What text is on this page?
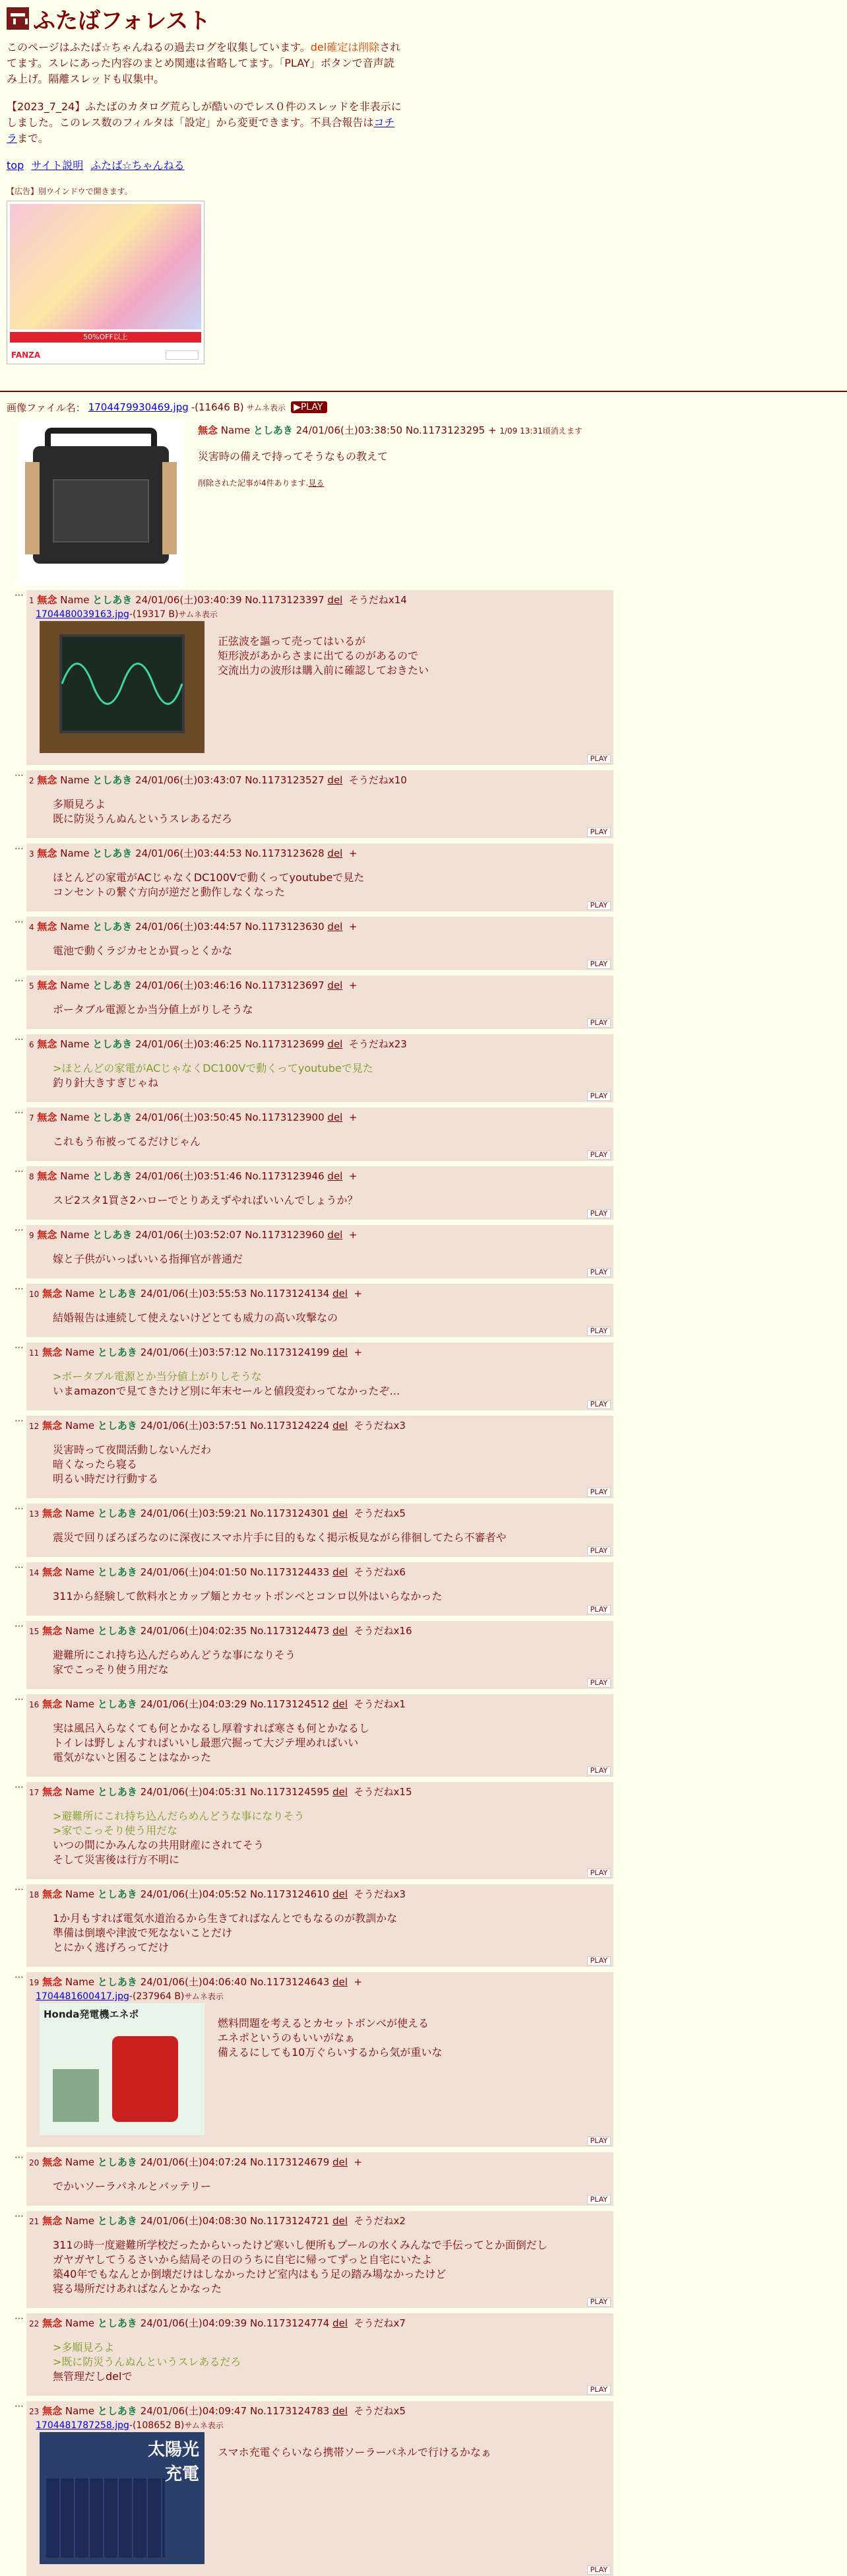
ふたばフォレスト
このページはふたば☆ちゃんねるの過去ログを収集しています。del確定は削除されてます。スレにあった内容のまとめ関連は省略してます。「PLAY」ボタンで音声読み上げ。隔離スレッドも収集中。
【2023_7_24】ふたばのカタログ荒らしが酷いのでレス０件のスレッドを非表示にしました。このレス数のフィルタは「設定」から変更できます。不具合報告はコチラまで。
top サイト説明 ふたば☆ちゃんねる
【広告】別ウインドウで開きます。
50%OFF以上
FANZA
画像ファイル名： 1704479930469.jpg -(11646 B) サムネ表示 ▶PLAY
無念 Name としあき 24/01/06(土)03:38:50 No.1173123295 + 1/09 13:31頃消えます
災害時の備えで持ってそうなもの教えて
削除された記事が4件あります.見る
⋯ 1 無念 Name としあき 24/01/06(土)03:40:39 No.1173123397 del そうだねx14
1704480039163.jpg-(19317 B)サムネ表示
正弦波を謳って売ってはいるが
矩形波があからさまに出てるのがあるので
交流出力の波形は購入前に確認しておきたい
PLAY
⋯ 2 無念 Name としあき 24/01/06(土)03:43:07 No.1173123527 del そうだねx10
多順見ろよ
既に防災うんぬんというスレあるだろ
PLAY
⋯ 3 無念 Name としあき 24/01/06(土)03:44:53 No.1173123628 del +
ほとんどの家電がACじゃなくDC100Vで動くってyoutubeで見た
コンセントの繋ぐ方向が逆だと動作しなくなった
PLAY
⋯ 4 無念 Name としあき 24/01/06(土)03:44:57 No.1173123630 del +
電池で動くラジカセとか買っとくかな
PLAY
⋯ 5 無念 Name としあき 24/01/06(土)03:46:16 No.1173123697 del +
ポータブル電源とか当分値上がりしそうな
PLAY
⋯ 6 無念 Name としあき 24/01/06(土)03:46:25 No.1173123699 del そうだねx23
>ほとんどの家電がACじゃなくDC100Vで動くってyoutubeで見た
釣り針大きすぎじゃね
PLAY
⋯ 7 無念 Name としあき 24/01/06(土)03:50:45 No.1173123900 del +
これもう布被ってるだけじゃん
PLAY
⋯ 8 無念 Name としあき 24/01/06(土)03:51:46 No.1173123946 del +
スピ2スタ1買さ2ハローでとりあえずやればいいんでしょうか？
PLAY
⋯ 9 無念 Name としあき 24/01/06(土)03:52:07 No.1173123960 del +
嫁と子供がいっぱいいる指揮官が普通だ
PLAY
⋯ 10 無念 Name としあき 24/01/06(土)03:55:53 No.1173124134 del +
結婚報告は連続して使えないけどとても威力の高い攻撃なの
PLAY
⋯ 11 無念 Name としあき 24/01/06(土)03:57:12 No.1173124199 del +
>ポータブル電源とか当分値上がりしそうな
いまamazonで見てきたけど別に年末セールと値段変わってなかったぞ…
PLAY
⋯ 12 無念 Name としあき 24/01/06(土)03:57:51 No.1173124224 del そうだねx3
災害時って夜間活動しないんだわ
暗くなったら寝る
明るい時だけ行動する
PLAY
⋯ 13 無念 Name としあき 24/01/06(土)03:59:21 No.1173124301 del そうだねx5
震災で回りぼろぼろなのに深夜にスマホ片手に目的もなく掲示板見ながら徘徊してたら不審者や
PLAY
⋯ 14 無念 Name としあき 24/01/06(土)04:01:50 No.1173124433 del そうだねx6
311から経験して飲料水とカップ麺とカセットボンベとコンロ以外はいらなかった
PLAY
⋯ 15 無念 Name としあき 24/01/06(土)04:02:35 No.1173124473 del そうだねx16
避難所にこれ持ち込んだらめんどうな事になりそう
家でこっそり使う用だな
PLAY
⋯ 16 無念 Name としあき 24/01/06(土)04:03:29 No.1173124512 del そうだねx1
実は風呂入らなくても何とかなるし厚着すれば寒さも何とかなるし
トイレは野しょんすればいいし最悪穴掘って大ジテ埋めればいい
電気がないと困ることはなかった
PLAY
⋯ 17 無念 Name としあき 24/01/06(土)04:05:31 No.1173124595 del そうだねx15
>避難所にこれ持ち込んだらめんどうな事になりそう
>家でこっそり使う用だな
いつの間にかみんなの共用財産にされてそう
そして災害後は行方不明に
PLAY
⋯ 18 無念 Name としあき 24/01/06(土)04:05:52 No.1173124610 del そうだねx3
1か月もすれば電気水道治るから生きてればなんとでもなるのが教訓かな
準備は倒壊や津波で死なないことだけ
とにかく逃げろってだけ
PLAY
⋯ 19 無念 Name としあき 24/01/06(土)04:06:40 No.1173124643 del +
1704481600417.jpg-(237964 B)サムネ表示
Honda発電機エネポ
燃料問題を考えるとカセットボンベが使える
エネポというのもいいがなぁ
備えるにしても10万ぐらいするから気が重いな
PLAY
⋯ 20 無念 Name としあき 24/01/06(土)04:07:24 No.1173124679 del +
でかいソーラパネルとバッテリー
PLAY
⋯ 21 無念 Name としあき 24/01/06(土)04:08:30 No.1173124721 del そうだねx2
311の時一度避難所学校だったからいったけど寒いし便所もプールの水くみんなで手伝ってとか面倒だし
ガヤガヤしてうるさいから結局その日のうちに自宅に帰ってずっと自宅にいたよ
築40年でもなんとか倒壊だけはしなかったけど室内はもう足の踏み場なかったけど
寝る場所だけあればなんとかなった
PLAY
⋯ 22 無念 Name としあき 24/01/06(土)04:09:39 No.1173124774 del そうだねx7
>多順見ろよ
>既に防災うんぬんというスレあるだろ
無管理だしdelで
PLAY
⋯ 23 無念 Name としあき 24/01/06(土)04:09:47 No.1173124783 del そうだねx5
1704481787258.jpg-(108652 B)サムネ表示
太陽光充電
スマホ充電ぐらいなら携帯ソーラーパネルで行けるかなぁ
PLAY
